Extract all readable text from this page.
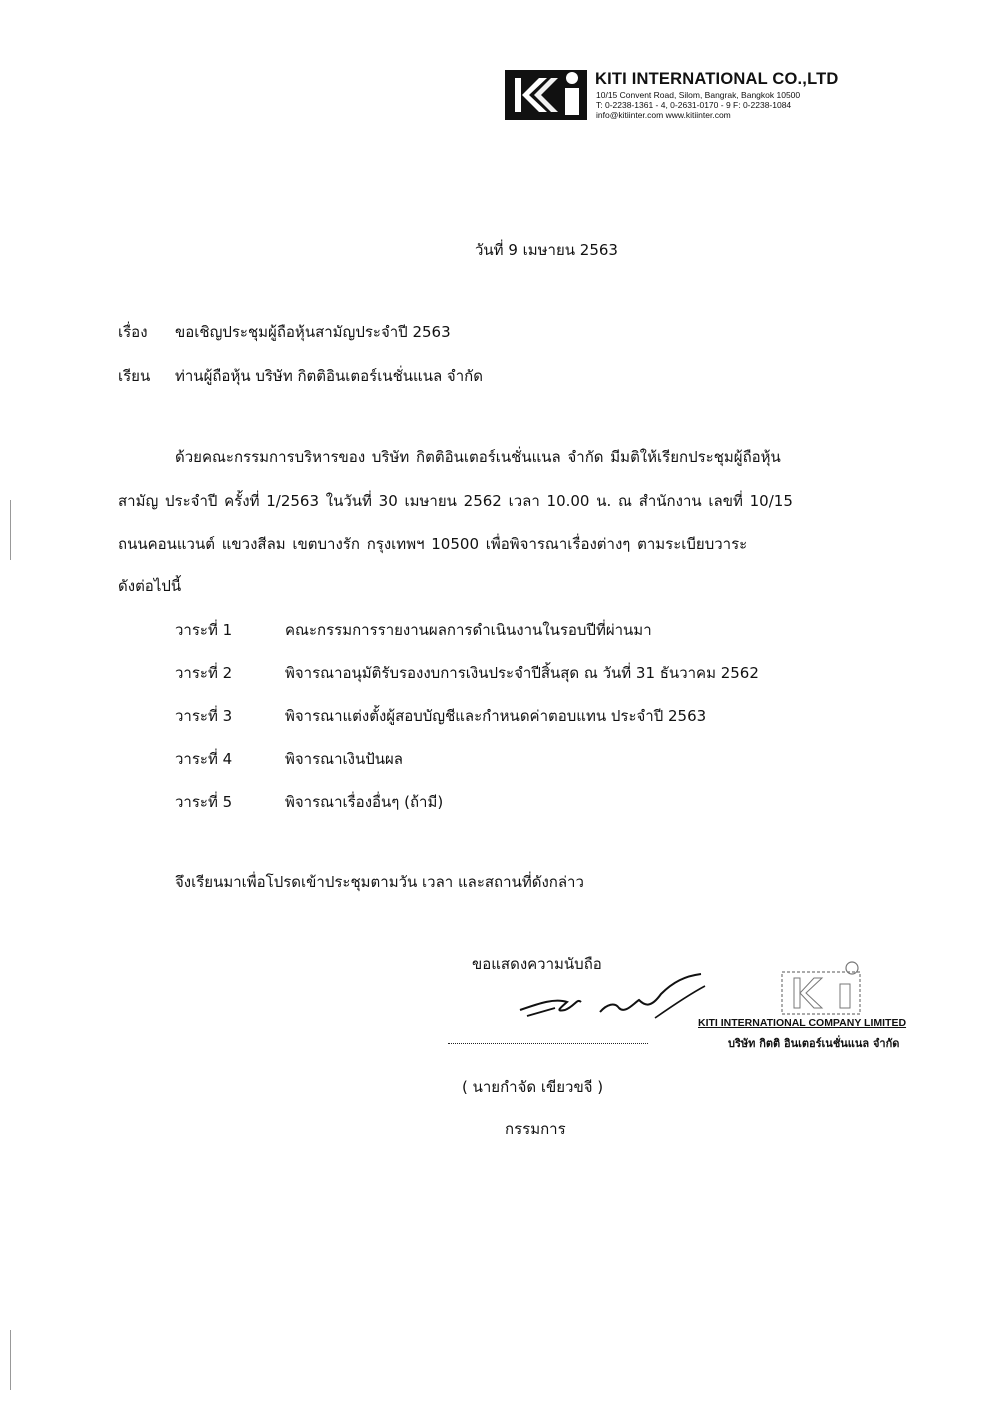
KITI INTERNATIONAL CO.,LTD
10/15 Convent Road, Silom, Bangrak, Bangkok 10500
T: 0-2238-1361 - 4, 0-2631-0170 - 9 F: 0-2238-1084
info@kitiinter.com www.kitiinter.com
วันที่ 9 เมษายน 2563
เรื่อง ขอเชิญประชุมผู้ถือหุ้นสามัญประจำปี 2563
เรียน ท่านผู้ถือหุ้น บริษัท กิตติอินเตอร์เนชั่นแนล จำกัด
ด้วยคณะกรรมการบริหารของ บริษัท กิตติอินเตอร์เนชั่นแนล จำกัด มีมติให้เรียกประชุมผู้ถือหุ้น
สามัญ ประจำปี ครั้งที่ 1/2563 ในวันที่ 30 เมษายน 2562 เวลา 10.00 น. ณ สำนักงาน เลขที่ 10/15
ถนนคอนแวนต์ แขวงสีลม เขตบางรัก กรุงเทพฯ 10500 เพื่อพิจารณาเรื่องต่างๆ ตามระเบียบวาระ
ดังต่อไปนี้
วาระที่ 1	คณะกรรมการรายงานผลการดำเนินงานในรอบปีที่ผ่านมา
วาระที่ 2	พิจารณาอนุมัติรับรองงบการเงินประจำปีสิ้นสุด ณ วันที่ 31 ธันวาคม 2562
วาระที่ 3	พิจารณาแต่งตั้งผู้สอบบัญชีและกำหนดค่าตอบแทน ประจำปี 2563
วาระที่ 4	พิจารณาเงินปันผล
วาระที่ 5	พิจารณาเรื่องอื่นๆ (ถ้ามี)
จึงเรียนมาเพื่อโปรดเข้าประชุมตามวัน เวลา และสถานที่ดังกล่าว
ขอแสดงความนับถือ
KITI INTERNATIONAL COMPANY LIMITED
บริษัท กิตติ อินเตอร์เนชั่นแนล จำกัด
( นายกำจัด เขียวขจี )
กรรมการ
